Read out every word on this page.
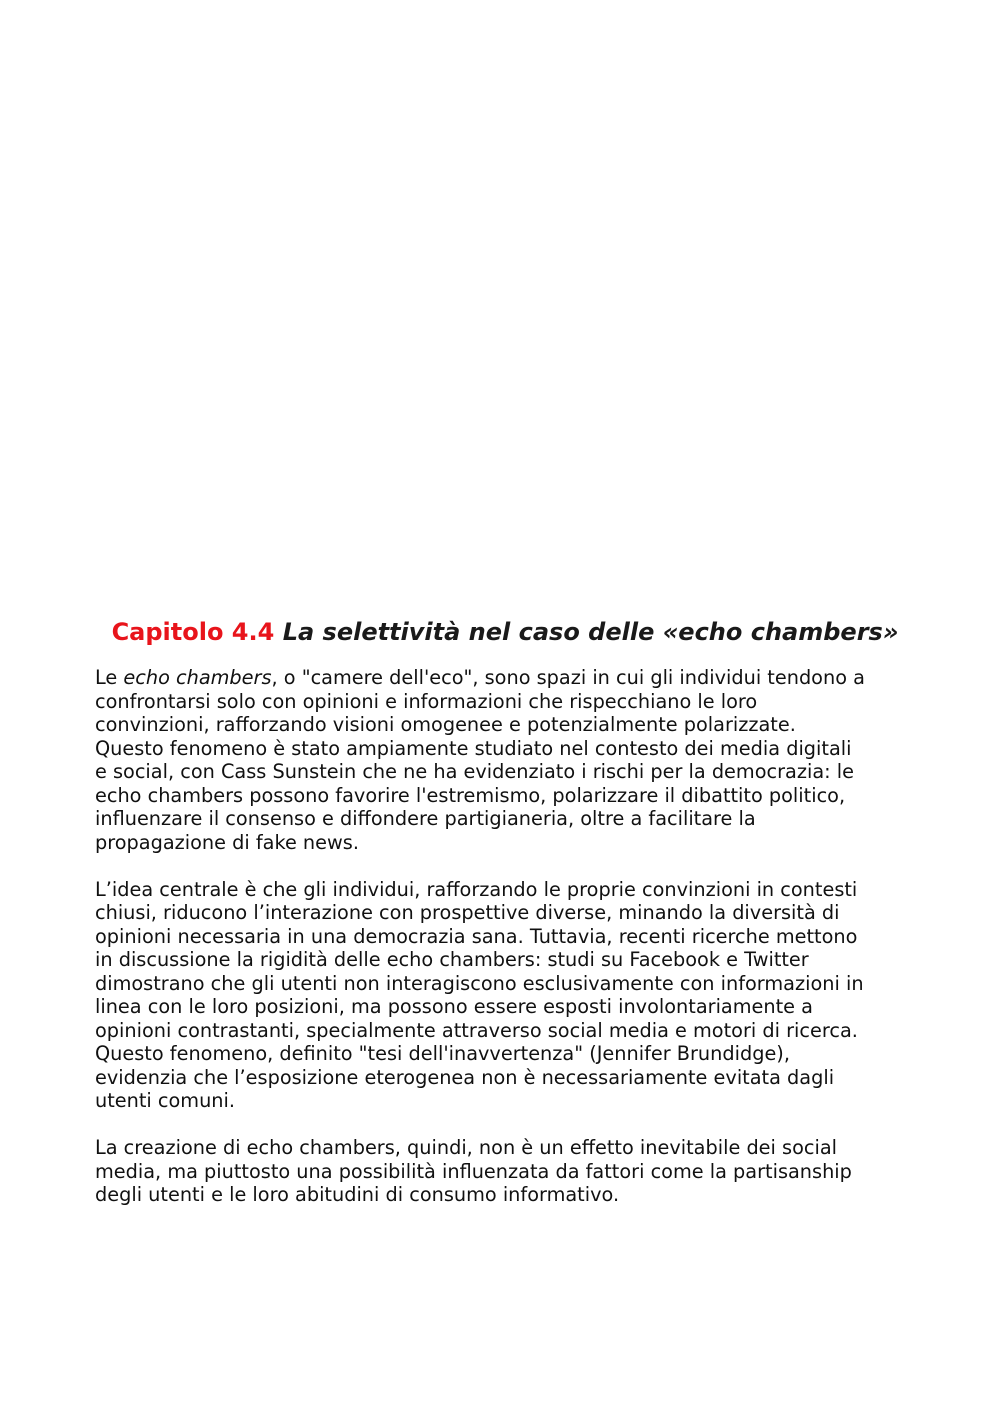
Capitolo 4.4 La selettività nel caso delle «echo chambers»

Le echo chambers, o "camere dell'eco", sono spazi in cui gli individui tendono a
confrontarsi solo con opinioni e informazioni che rispecchiano le loro
convinzioni, rafforzando visioni omogenee e potenzialmente polarizzate.
Questo fenomeno è stato ampiamente studiato nel contesto dei media digitali
e social, con Cass Sunstein che ne ha evidenziato i rischi per la democrazia: le
echo chambers possono favorire l'estremismo, polarizzare il dibattito politico,
influenzare il consenso e diffondere partigianeria, oltre a facilitare la
propagazione di fake news.

L’idea centrale è che gli individui, rafforzando le proprie convinzioni in contesti
chiusi, riducono l’interazione con prospettive diverse, minando la diversità di
opinioni necessaria in una democrazia sana. Tuttavia, recenti ricerche mettono
in discussione la rigidità delle echo chambers: studi su Facebook e Twitter
dimostrano che gli utenti non interagiscono esclusivamente con informazioni in
linea con le loro posizioni, ma possono essere esposti involontariamente a
opinioni contrastanti, specialmente attraverso social media e motori di ricerca.
Questo fenomeno, definito "tesi dell'inavvertenza" (Jennifer Brundidge),
evidenzia che l’esposizione eterogenea non è necessariamente evitata dagli
utenti comuni.

La creazione di echo chambers, quindi, non è un effetto inevitabile dei social
media, ma piuttosto una possibilità influenzata da fattori come la partisanship
degli utenti e le loro abitudini di consumo informativo.
